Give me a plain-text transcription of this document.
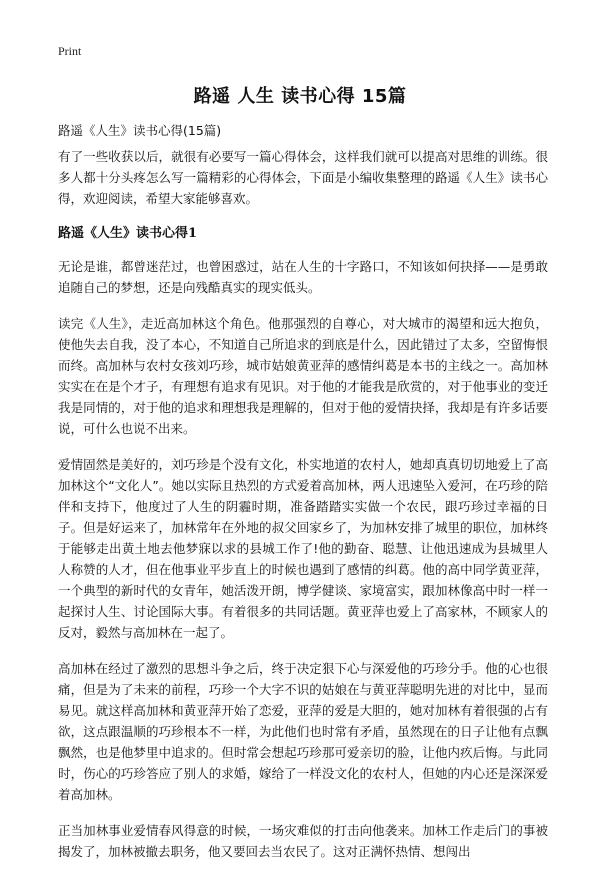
Print
路遥 人生 读书心得 15篇
路遥《人生》读书心得(15篇)

有了一些收获以后，就很有必要写一篇心得体会，这样我们就可以提高对思维的训练。很多人都十分头疼怎么写一篇精彩的心得体会，下面是小编收集整理的路遥《人生》读书心得，欢迎阅读，希望大家能够喜欢。

路遥《人生》读书心得1

无论是谁，都曾迷茫过，也曾困惑过，站在人生的十字路口，不知该如何抉择——是勇敢追随自己的梦想，还是向残酷真实的现实低头。

读完《人生》，走近高加林这个角色。他那强烈的自尊心，对大城市的渴望和远大抱负，使他失去自我，没了本心，不知道自己所追求的到底是什么，因此错过了太多，空留悔恨而终。高加林与农村女孩刘巧珍，城市姑娘黄亚萍的感情纠葛是本书的主线之一。高加林实实在在是个才子，有理想有追求有见识。对于他的才能我是欣赏的，对于他事业的变迁我是同情的，对于他的追求和理想我是理解的，但对于他的爱情抉择，我却是有许多话要说，可什么也说不出来。

爱情固然是美好的，刘巧珍是个没有文化，朴实地道的农村人，她却真真切切地爱上了高加林这个“文化人”。她以实际且热烈的方式爱着高加林，两人迅速坠入爱河，在巧珍的陪伴和支持下，他度过了人生的阴霾时期，准备踏踏实实做一个农民，跟巧珍过幸福的日子。但是好运来了，加林常年在外地的叔父回家乡了，为加林安排了城里的职位，加林终于能够走出黄土地去他梦寐以求的县城工作了!他的勤奋、聪慧、让他迅速成为县城里人人称赞的人才，但在他事业平步直上的时候也遇到了感情的纠葛。他的高中同学黄亚萍，一个典型的新时代的女青年，她活泼开朗，博学健谈、家境富实，跟加林像高中时一样一起探讨人生、讨论国际大事。有着很多的共同话题。黄亚萍也爱上了高家林，不顾家人的反对，毅然与高加林在一起了。

高加林在经过了激烈的思想斗争之后，终于决定狠下心与深爱他的巧珍分手。他的心也很痛，但是为了未来的前程，巧珍一个大字不识的姑娘在与黄亚萍聪明先进的对比中，显而易见。就这样高加林和黄亚萍开始了恋爱，亚萍的爱是大胆的，她对加林有着很强的占有欲，这点跟温顺的巧珍根本不一样，为此他们也时常有矛盾，虽然现在的日子让他有点飘飘然，也是他梦里中追求的。但时常会想起巧珍那可爱亲切的脸，让他内疚后悔。与此同时，伤心的巧珍答应了别人的求婚，嫁给了一样没文化的农村人，但她的内心还是深深爱着高加林。

正当加林事业爱情春风得意的时候，一场灾难似的打击向他袭来。加林工作走后门的事被揭发了，加林被撤去职务，他又要回去当农民了。这对正满怀热情、想闯出
